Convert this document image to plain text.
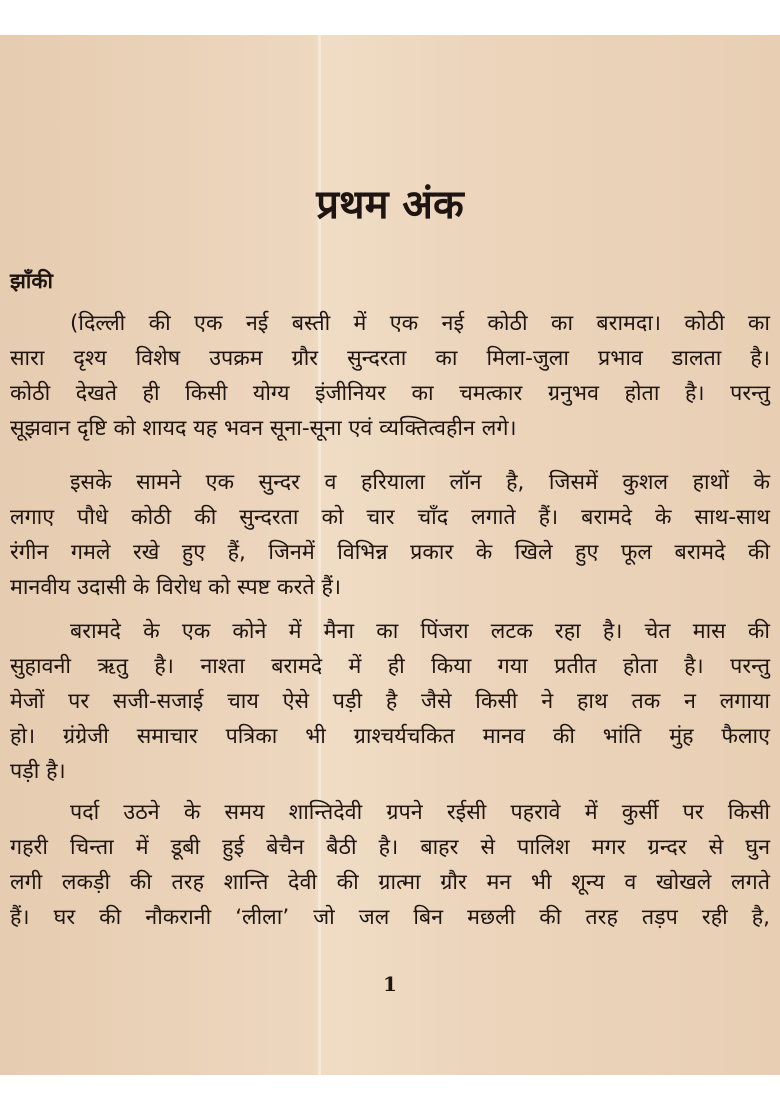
प्रथम अंक
झाँकी
(दिल्ली की एक नई बस्ती में एक नई कोठी का बरामदा। कोठी का
सारा दृश्य विशेष उपक्रम ग्रौर सुन्दरता का मिला-जुला प्रभाव डालता है।
कोठी देखते ही किसी योग्य इंजीनियर का चमत्कार ग्रनुभव होता है। परन्तु
सूझवान दृष्टि को शायद यह भवन सूना-सूना एवं व्यक्तित्वहीन लगे।
इसके सामने एक सुन्दर व हरियाला लॉन है, जिसमें कुशल हाथों के
लगाए पौधे कोठी की सुन्दरता को चार चाँद लगाते हैं। बरामदे के साथ-साथ
रंगीन गमले रखे हुए हैं, जिनमें विभिन्न प्रकार के खिले हुए फूल बरामदे की
मानवीय उदासी के विरोध को स्पष्ट करते हैं।
बरामदे के एक कोने में मैना का पिंजरा लटक रहा है। चेत मास की
सुहावनी ऋतु है। नाश्ता बरामदे में ही किया गया प्रतीत होता है। परन्तु
मेजों पर सजी-सजाई चाय ऐसे पड़ी है जैसे किसी ने हाथ तक न लगाया
हो। ग्रंग्रेजी समाचार पत्रिका भी ग्राश्चर्यचकित मानव की भांति मुंह फैलाए
पड़ी है।
पर्दा उठने के समय शान्तिदेवी ग्रपने रईसी पहरावे में कुर्सी पर किसी
गहरी चिन्ता में डूबी हुई बेचैन बैठी है। बाहर से पालिश मगर ग्रन्दर से घुन
लगी लकड़ी की तरह शान्ति देवी की ग्रात्मा ग्रौर मन भी शून्य व खोखले लगते
हैं। घर की नौकरानी ‘लीला’ जो जल बिन मछली की तरह तड़प रही है,
1
